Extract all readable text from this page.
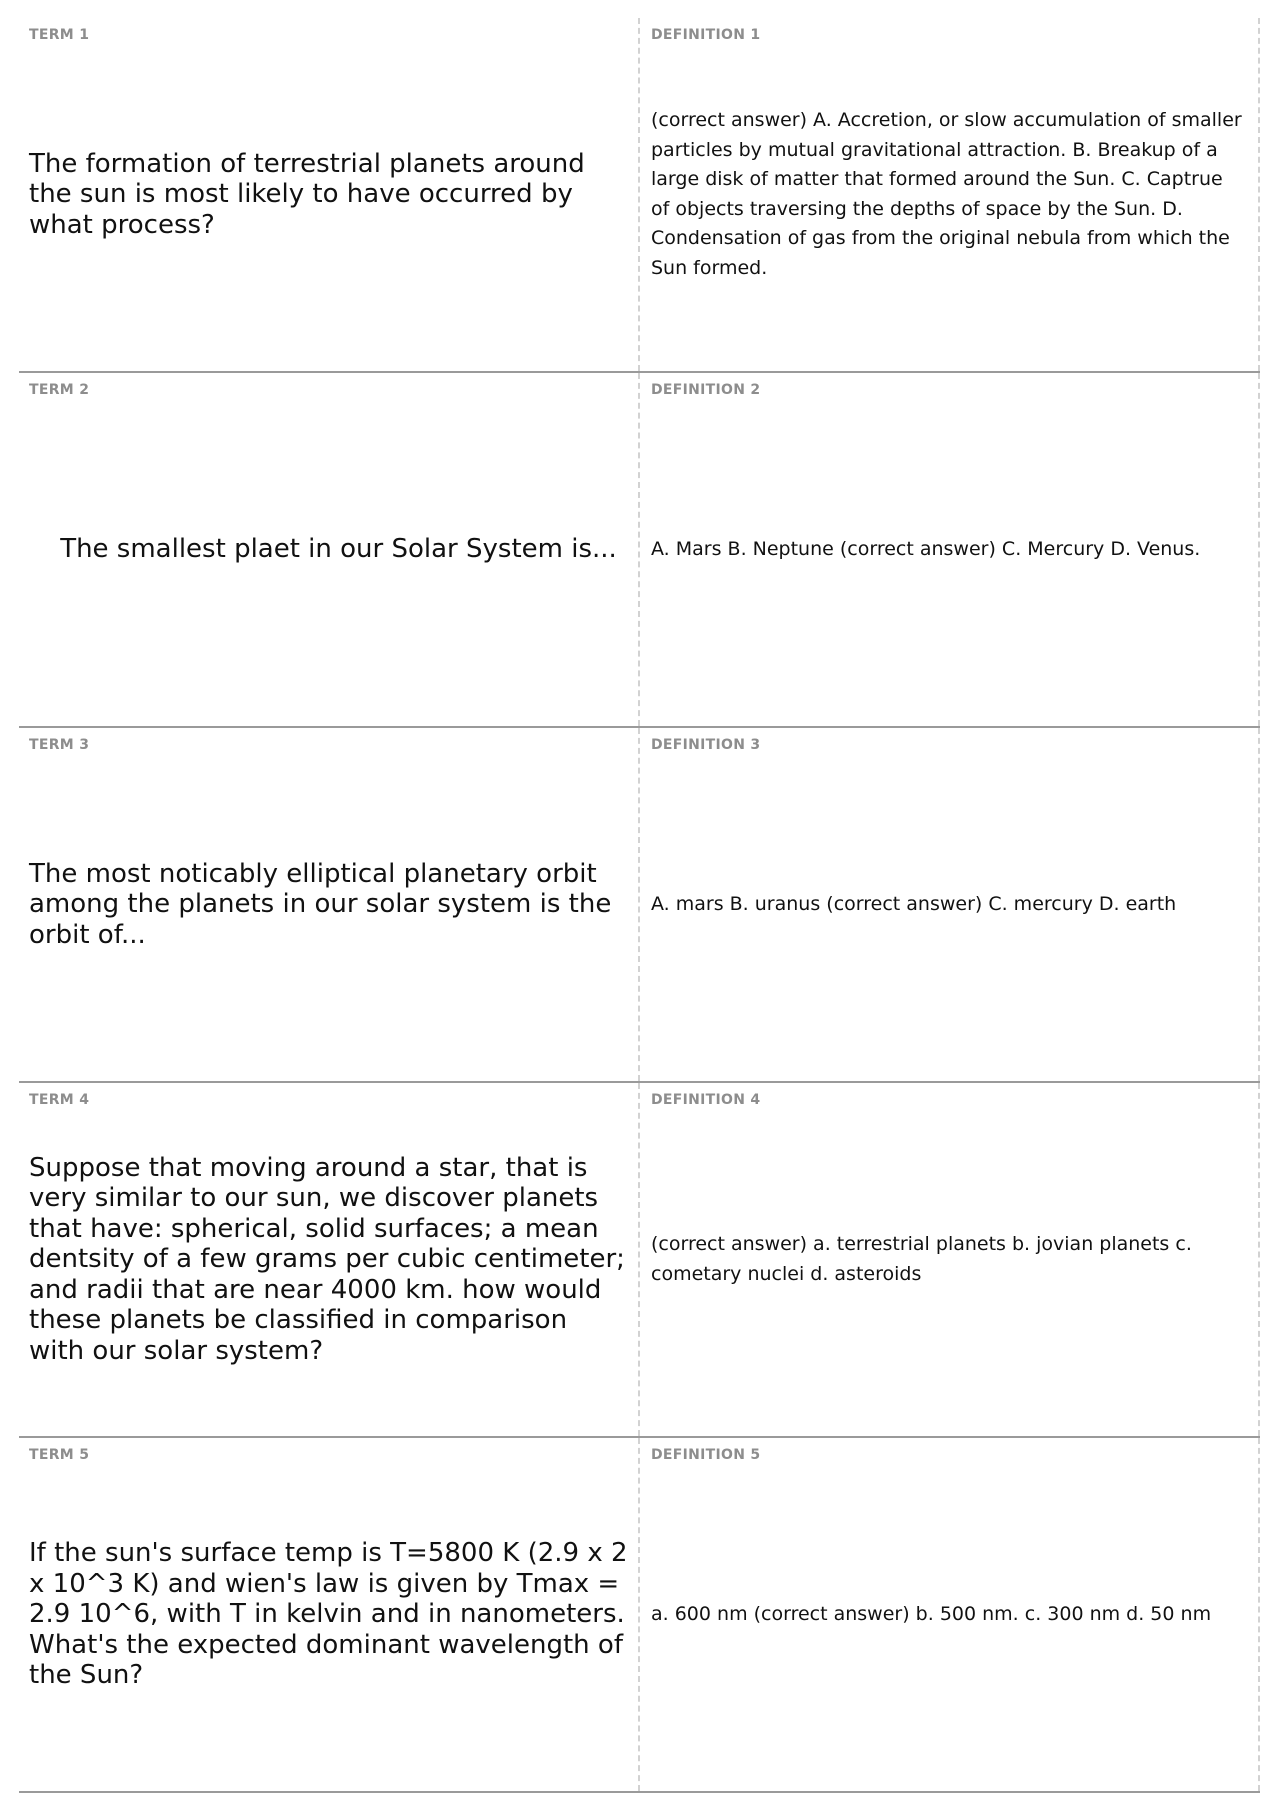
TERM 1
The formation of terrestrial planets around the sun is most likely to have occurred by what process?
DEFINITION 1
(correct answer) A. Accretion, or slow accumulation of smaller particles by mutual gravitational attraction. B. Breakup of a large disk of matter that formed around the Sun. C. Captrue of objects traversing the depths of space by the Sun. D. Condensation of gas from the original nebula from which the Sun formed.
TERM 2
The smallest plaet in our Solar System is...
DEFINITION 2
A. Mars B. Neptune (correct answer) C. Mercury D. Venus.
TERM 3
The most noticably elliptical planetary orbit among the planets in our solar system is the orbit of...
DEFINITION 3
A. mars B. uranus (correct answer) C. mercury D. earth
TERM 4
Suppose that moving around a star, that is very similar to our sun, we discover planets that have: spherical, solid surfaces; a mean dentsity of a few grams per cubic centimeter; and radii that are near 4000 km. how would these planets be classified in comparison with our solar system?
DEFINITION 4
(correct answer) a. terrestrial planets b. jovian planets c. cometary nuclei d. asteroids
TERM 5
If the sun's surface temp is T=5800 K (2.9 x 2 x 10^3 K) and wien's law is given by Tmax = 2.9 10^6, with T in kelvin and in nanometers. What's the expected dominant wavelength of the Sun?
DEFINITION 5
a. 600 nm (correct answer) b. 500 nm. c. 300 nm d. 50 nm
